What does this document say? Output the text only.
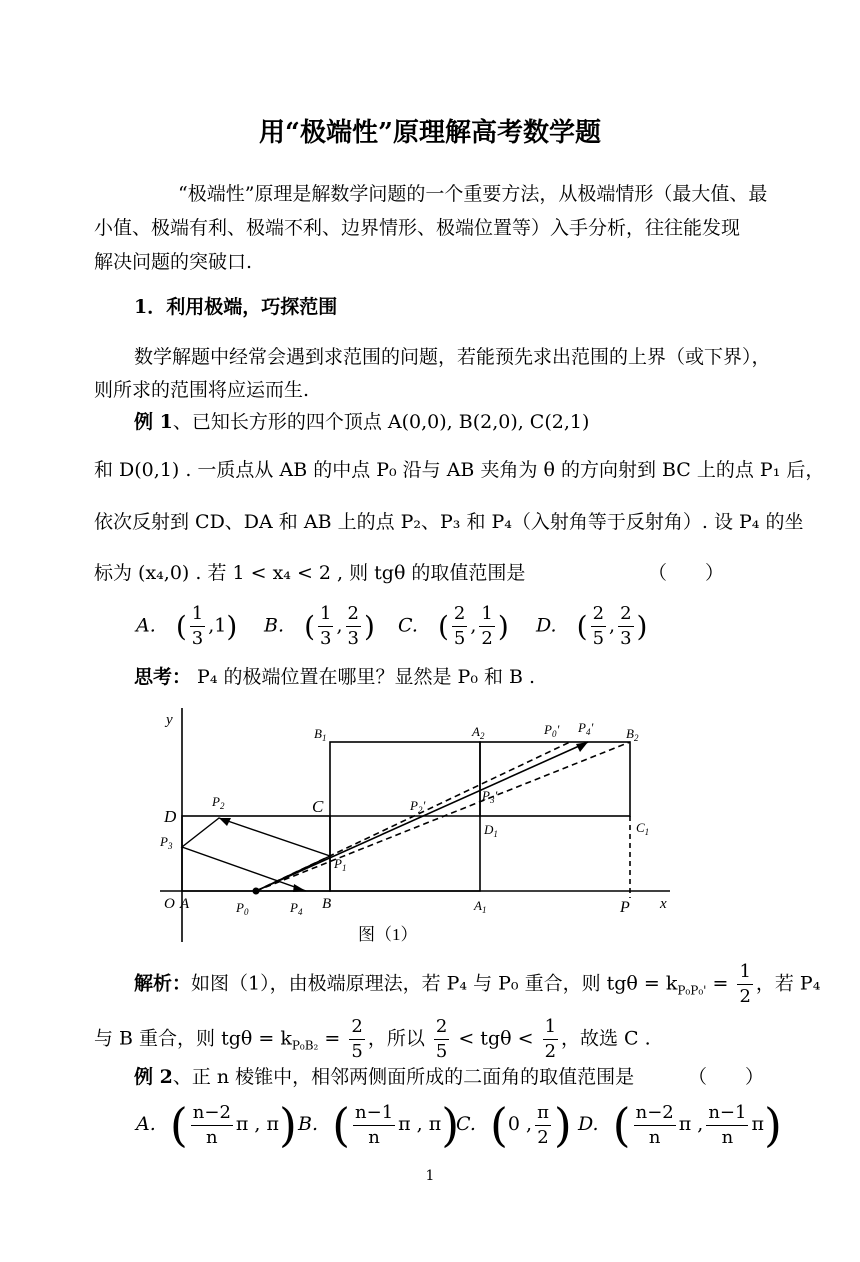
用“极端性”原理解高考数学题
“极端性”原理是解数学问题的一个重要方法，从极端情形（最大值、最
小值、极端有利、极端不利、边界情形、极端位置等）入手分析，往往能发现
解决问题的突破口.
1．利用极端，巧探范围
数学解题中经常会遇到求范围的问题，若能预先求出范围的上界（或下界），
则所求的范围将应运而生.
例 1、已知长方形的四个顶点 A(0,0), B(2,0), C(2,1)
和 D(0,1) . 一质点从 AB 的中点 P₀ 沿与 AB 夹角为 θ 的方向射到 BC 上的点 P₁ 后，
依次反射到 CD、DA 和 AB 上的点 P₂、P₃ 和 P₄（入射角等于反射角）. 设 P₄ 的坐
标为 (x₄,0) . 若 1 < x₄ < 2 , 则 tgθ 的取值范围是	（　　）
A. ( $\frac{1}{3} ,1$) B. ( $\frac{1}{3}$ , $\frac{2}{3}$ ) C. ( $\frac{2}{5}$ , $\frac{1}{2}$ ) D. ( $\frac{2}{5}$ , $\frac{2}{3}$ )
思考： P₄ 的极端位置在哪里？显然是 P₀ 和 B .
y
x
O A	B
C
D
$B_1$	$A_2$	$B_2$
$C_1$
$D_1$
$A_1$	P
$P_0$
$P_1$
$P_2$
$P_3$
$P_4$
$P_0'$ $P_4'$
$P_2'$
$P_3'$
图（1）
解析：如图（1），由极端原理法，若 P₄ 与 P₀ 重合，则 $tg\theta = k_{P_0P_0'} = \frac{1}{2}$ ，若 P₄
与 B 重合，则 $tg\theta = k_{P_0B_2} = \frac{2}{5}$ ，所以 $\frac{2}{5} < tg\theta < \frac{1}{2}$ ，故选 C .
例 2、正 n 棱锥中，相邻两侧面所成的二面角的取值范围是	（　　）
A. ( $\frac{n-2}{n}$ π , π) B. ( $\frac{n-1}{n}$ π , π)
C. (0 , $\frac{\pi}{2}$ ) D. ( $\frac{n-2}{n}$ π , $\frac{n-1}{n} \pi$)
1
